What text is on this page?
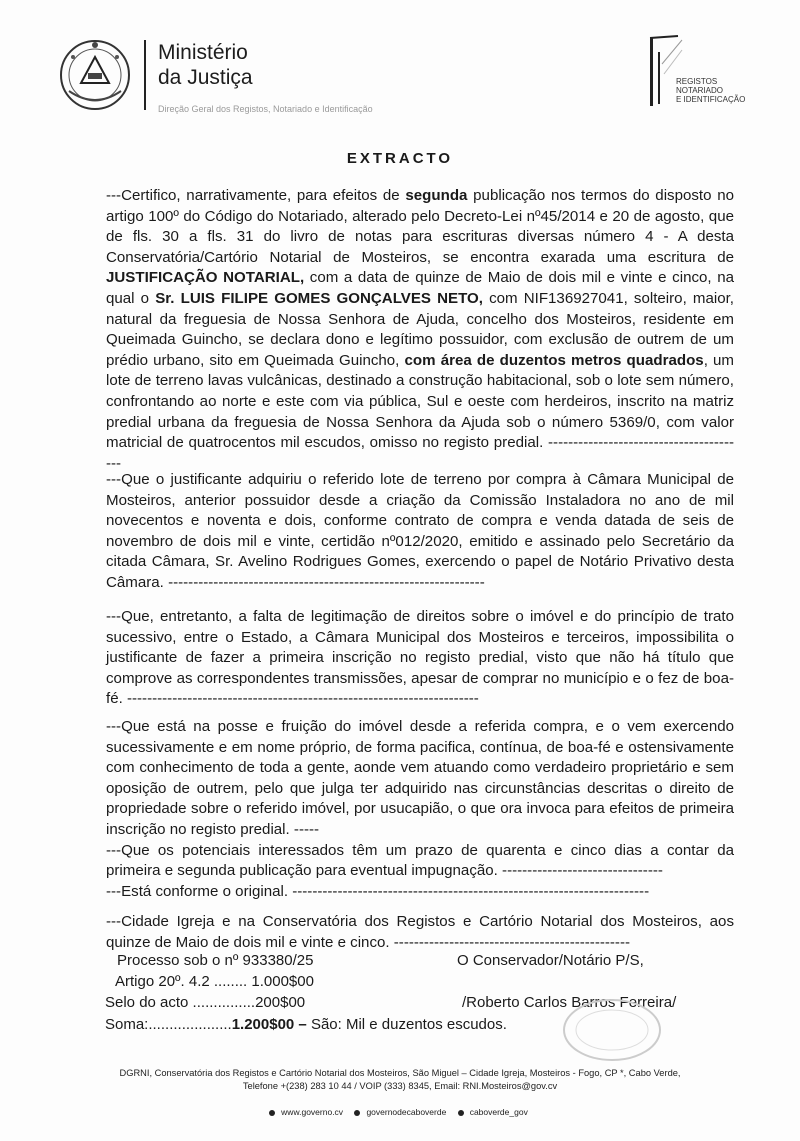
Ministério
da Justiça
Direção Geral dos Registos, Notariado e Identificação
REGISTOS
NOTARIADO
E IDENTIFICAÇÃO
EXTRACTO

---Certifico, narrativamente, para efeitos de segunda publicação nos termos do disposto no artigo 100º do Código do Notariado, alterado pelo Decreto-Lei nº45/2014 e 20 de agosto, que de fls. 30 a fls. 31 do livro de notas para escrituras diversas número 4 - A desta Conservatória/Cartório Notarial de Mosteiros, se encontra exarada uma escritura de JUSTIFICAÇÃO NOTARIAL, com a data de quinze de Maio de dois mil e vinte e cinco, na qual o Sr. LUIS FILIPE GOMES GONÇALVES NETO, com NIF136927041, solteiro, maior, natural da freguesia de Nossa Senhora de Ajuda, concelho dos Mosteiros, residente em Queimada Guincho, se declara dono e legítimo possuidor, com exclusão de outrem de um prédio urbano, sito em Queimada Guincho, com área de duzentos metros quadrados, um lote de terreno lavas vulcânicas, destinado a construção habitacional, sob o lote sem número, confrontando ao norte e este com via pública, Sul e oeste com herdeiros, inscrito na matriz predial urbana da freguesia de Nossa Senhora da Ajuda sob o número 5369/0, com valor matricial de quatrocentos mil escudos, omisso no registo predial. ----------------------------------------

---Que o justificante adquiriu o referido lote de terreno por compra à Câmara Municipal de Mosteiros, anterior possuidor desde a criação da Comissão Instaladora no ano de mil novecentos e noventa e dois, conforme contrato de compra e venda datada de seis de novembro de dois mil e vinte, certidão nº012/2020, emitido e assinado pelo Secretário da citada Câmara, Sr. Avelino Rodrigues Gomes, exercendo o papel de Notário Privativo desta Câmara. ---------------------------------------------------------------

---Que, entretanto, a falta de legitimação de direitos sobre o imóvel e do princípio de trato sucessivo, entre o Estado, a Câmara Municipal dos Mosteiros e terceiros, impossibilita o justificante de fazer a primeira inscrição no registo predial, visto que não há título que comprove as correspondentes transmissões, apesar de comprar no município e o fez de boa-fé. ----------------------------------------------------------------------

---Que está na posse e fruição do imóvel desde a referida compra, e o vem exercendo sucessivamente e em nome próprio, de forma pacifica, contínua, de boa-fé e ostensivamente com conhecimento de toda a gente, aonde vem atuando como verdadeiro proprietário e sem oposição de outrem, pelo que julga ter adquirido nas circunstâncias descritas o direito de propriedade sobre o referido imóvel, por usucapião, o que ora invoca para efeitos de primeira inscrição no registo predial. -----

---Que os potenciais interessados têm um prazo de quarenta e cinco dias a contar da primeira e segunda publicação para eventual impugnação. --------------------------------

---Está conforme o original. -----------------------------------------------------------------------

---Cidade Igreja e na Conservatória dos Registos e Cartório Notarial dos Mosteiros, aos quinze de Maio de dois mil e vinte e cinco. -----------------------------------------------

Processo sob o nº 933380/25
Artigo 20º. 4.2 ........ 1.000$00
Selo do acto ...............200$00
Soma:....................1.200$00 – São: Mil e duzentos escudos.
O Conservador/Notário P/S,
/Roberto Carlos Barros Ferreira/
DGRNI, Conservatória dos Registos e Cartório Notarial dos Mosteiros, São Miguel – Cidade Igreja, Mosteiros - Fogo, CP *, Cabo Verde,
Telefone +(238) 283 10 44 / VOIP (333) 8345, Email: RNI.Mosteiros@gov.cv
www.governo.cv	governodecaboverde	caboverde_gov
